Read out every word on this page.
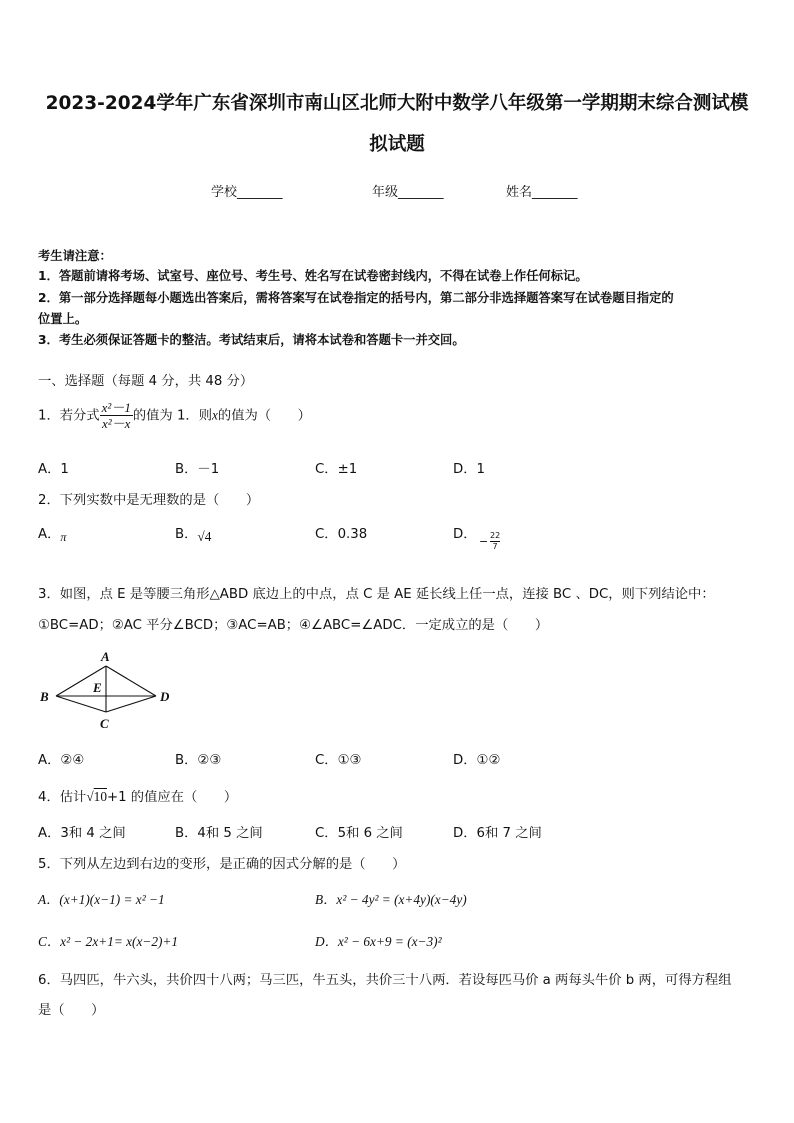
2023-2024学年广东省深圳市南山区北师大附中数学八年级第一学期期末综合测试模
拟试题
学校_______	年级_______	姓名_______
考生请注意：
1．答题前请将考场、试室号、座位号、考生号、姓名写在试卷密封线内，不得在试卷上作任何标记。
2．第一部分选择题每小题选出答案后，需将答案写在试卷指定的括号内，第二部分非选择题答案写在试卷题目指定的
位置上。
3．考生必须保证答题卡的整洁。考试结束后，请将本试卷和答题卡一并交回。
一、选择题（每题 4 分，共 48 分）
1．若分式 $\frac{\text{x²－1}}{\text{x²－x}}$ 的值为 1．则x的值为（　　）
A．1	B．－1	C．±1	D．1
2．下列实数中是无理数的是（　　）
A．π	B．√4	C．0.38	D． − $\frac{22}{7}$
3．如图，点 E 是等腰三角形△ABD 底边上的中点，点 C 是 AE 延长线上任一点，连接 BC 、DC，则下列结论中：
①BC=AD；②AC 平分∠BCD；③AC=AB；④∠ABC=∠ADC．一定成立的是（　　）
A
B
C
D
E
A．②④	B．②③	C．①③	D．①②
4．估计√10+1 的值应在（　　）
A．3和 4 之间	B．4和 5 之间	C．5和 6 之间	D．6和 7 之间
5．下列从左边到右边的变形，是正确的因式分解的是（　　）
A．(x+1)(x−1) = x² −1	B．x² − 4y² = (x+4y)(x−4y)
C．x² − 2x+1= x(x−2)+1	D．x² − 6x+9 = (x−3)²
6．马四匹，牛六头，共价四十八两；马三匹，牛五头，共价三十八两．若设每匹马价 a 两每头牛价 b 两，可得方程组
是（　　）
